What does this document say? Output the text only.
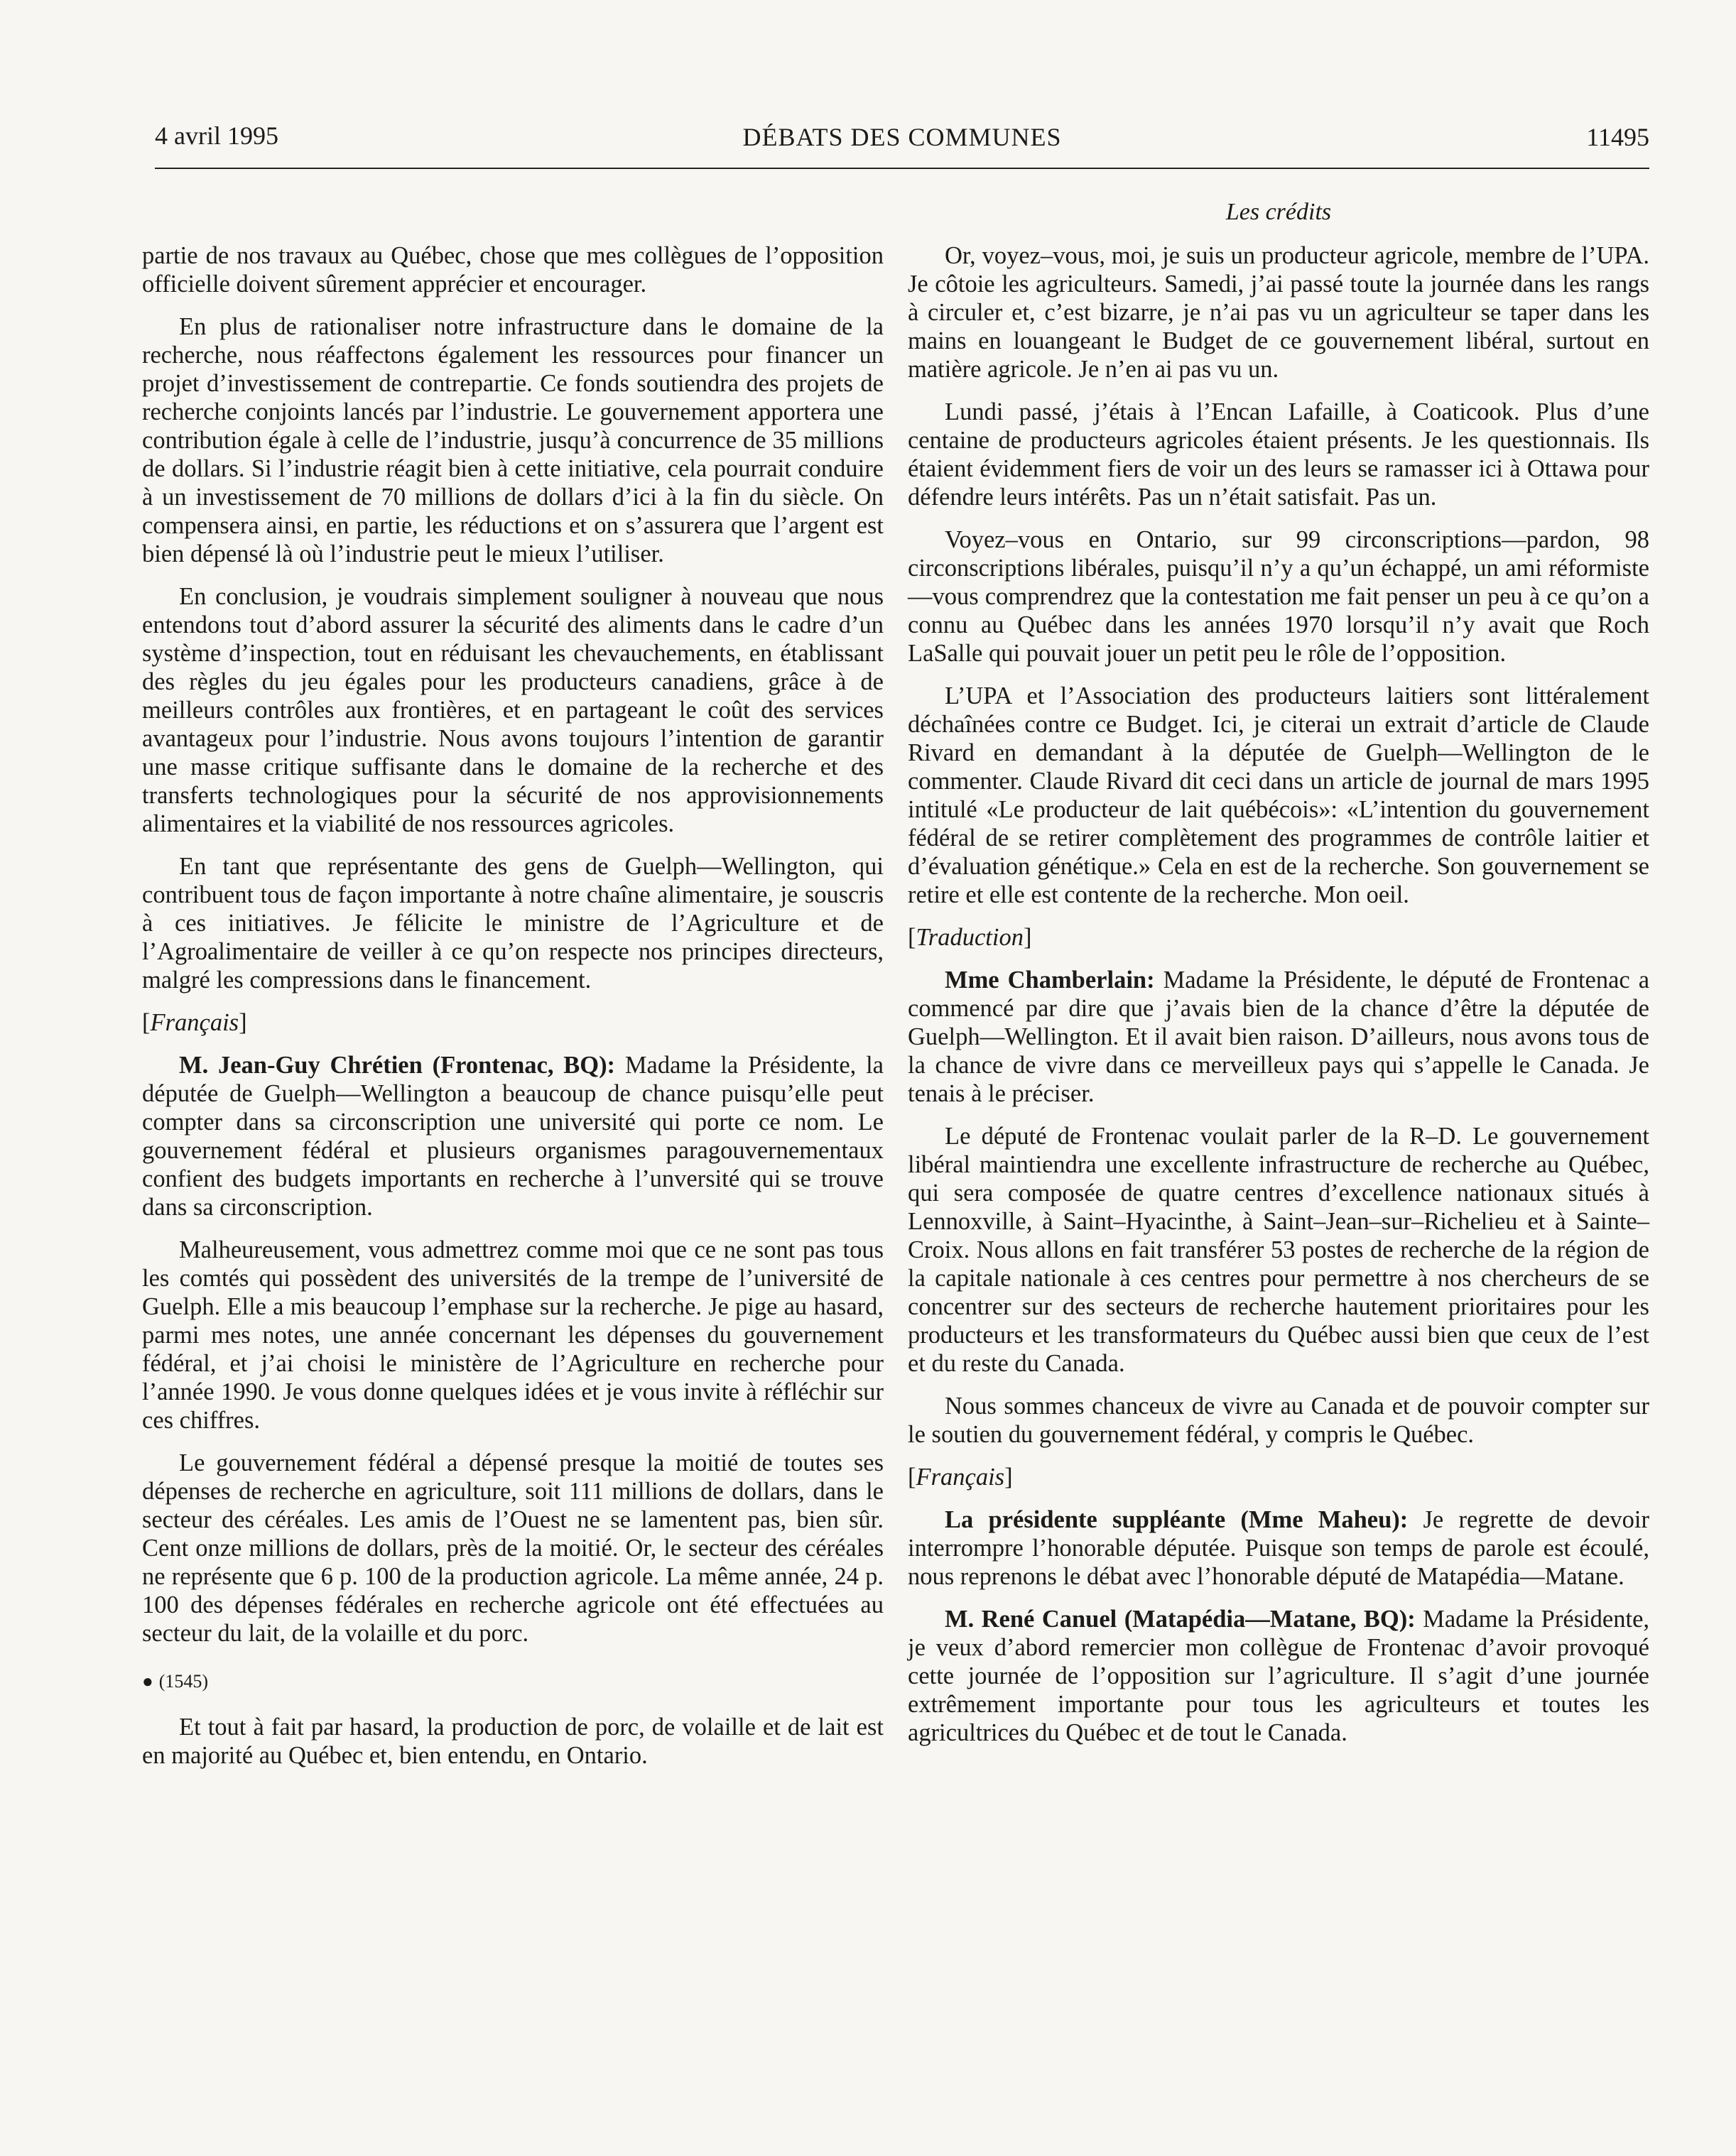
4 avril 1995	DÉBATS DES COMMUNES	11495
Les crédits

partie de nos travaux au Québec, chose que mes collègues de l’opposition officielle doivent sûrement apprécier et encourager.

En plus de rationaliser notre infrastructure dans le domaine de la recherche, nous réaffectons également les ressources pour financer un projet d’investissement de contrepartie. Ce fonds soutiendra des projets de recherche conjoints lancés par l’industrie. Le gouvernement apportera une contribution égale à celle de l’industrie, jusqu’à concurrence de 35 millions de dollars. Si l’industrie réagit bien à cette initiative, cela pourrait conduire à un investissement de 70 millions de dollars d’ici à la fin du siècle. On compensera ainsi, en partie, les réductions et on s’assurera que l’argent est bien dépensé là où l’industrie peut le mieux l’utiliser.

En conclusion, je voudrais simplement souligner à nouveau que nous entendons tout d’abord assurer la sécurité des aliments dans le cadre d’un système d’inspection, tout en réduisant les chevauchements, en établissant des règles du jeu égales pour les producteurs canadiens, grâce à de meilleurs contrôles aux frontières, et en partageant le coût des services avantageux pour l’industrie. Nous avons toujours l’intention de garantir une masse critique suffisante dans le domaine de la recherche et des transferts technologiques pour la sécurité de nos approvisionnements alimentaires et la viabilité de nos ressources agricoles.

En tant que représentante des gens de Guelph—Wellington, qui contribuent tous de façon importante à notre chaîne alimentaire, je souscris à ces initiatives. Je félicite le ministre de l’Agriculture et de l’Agroalimentaire de veiller à ce qu’on respecte nos principes directeurs, malgré les compressions dans le financement.

[Français]

M. Jean-Guy Chrétien (Frontenac, BQ): Madame la Présidente, la députée de Guelph—Wellington a beaucoup de chance puisqu’elle peut compter dans sa circonscription une université qui porte ce nom. Le gouvernement fédéral et plusieurs organismes paragouvernementaux confient des budgets importants en recherche à l’unversité qui se trouve dans sa circonscription.

Malheureusement, vous admettrez comme moi que ce ne sont pas tous les comtés qui possèdent des universités de la trempe de l’université de Guelph. Elle a mis beaucoup l’emphase sur la recherche. Je pige au hasard, parmi mes notes, une année concernant les dépenses du gouvernement fédéral, et j’ai choisi le ministère de l’Agriculture en recherche pour l’année 1990. Je vous donne quelques idées et je vous invite à réfléchir sur ces chiffres.

Le gouvernement fédéral a dépensé presque la moitié de toutes ses dépenses de recherche en agriculture, soit 111 millions de dollars, dans le secteur des céréales. Les amis de l’Ouest ne se lamentent pas, bien sûr. Cent onze millions de dollars, près de la moitié. Or, le secteur des céréales ne représente que 6 p. 100 de la production agricole. La même année, 24 p. 100 des dépenses fédérales en recherche agricole ont été effectuées au secteur du lait, de la volaille et du porc.

● (1545)

Et tout à fait par hasard, la production de porc, de volaille et de lait est en majorité au Québec et, bien entendu, en Ontario.

Or, voyez–vous, moi, je suis un producteur agricole, membre de l’UPA. Je côtoie les agriculteurs. Samedi, j’ai passé toute la journée dans les rangs à circuler et, c’est bizarre, je n’ai pas vu un agriculteur se taper dans les mains en louangeant le Budget de ce gouvernement libéral, surtout en matière agricole. Je n’en ai pas vu un.

Lundi passé, j’étais à l’Encan Lafaille, à Coaticook. Plus d’une centaine de producteurs agricoles étaient présents. Je les questionnais. Ils étaient évidemment fiers de voir un des leurs se ramasser ici à Ottawa pour défendre leurs intérêts. Pas un n’était satisfait. Pas un.

Voyez–vous en Ontario, sur 99 circonscriptions—pardon, 98 circonscriptions libérales, puisqu’il n’y a qu’un échappé, un ami réformiste—vous comprendrez que la contestation me fait penser un peu à ce qu’on a connu au Québec dans les années 1970 lorsqu’il n’y avait que Roch LaSalle qui pouvait jouer un petit peu le rôle de l’opposition.

L’UPA et l’Association des producteurs laitiers sont littéralement déchaînées contre ce Budget. Ici, je citerai un extrait d’article de Claude Rivard en demandant à la députée de Guelph—Wellington de le commenter. Claude Rivard dit ceci dans un article de journal de mars 1995 intitulé «Le producteur de lait québécois»: «L’intention du gouvernement fédéral de se retirer complètement des programmes de contrôle laitier et d’évaluation génétique.» Cela en est de la recherche. Son gouvernement se retire et elle est contente de la recherche. Mon oeil.

[Traduction]

Mme Chamberlain: Madame la Présidente, le député de Frontenac a commencé par dire que j’avais bien de la chance d’être la députée de Guelph—Wellington. Et il avait bien raison. D’ailleurs, nous avons tous de la chance de vivre dans ce merveilleux pays qui s’appelle le Canada. Je tenais à le préciser.

Le député de Frontenac voulait parler de la R–D. Le gouvernement libéral maintiendra une excellente infrastructure de recherche au Québec, qui sera composée de quatre centres d’excellence nationaux situés à Lennoxville, à Saint–Hyacinthe, à Saint–Jean–sur–Richelieu et à Sainte–Croix. Nous allons en fait transférer 53 postes de recherche de la région de la capitale nationale à ces centres pour permettre à nos chercheurs de se concentrer sur des secteurs de recherche hautement prioritaires pour les producteurs et les transformateurs du Québec aussi bien que ceux de l’est et du reste du Canada.

Nous sommes chanceux de vivre au Canada et de pouvoir compter sur le soutien du gouvernement fédéral, y compris le Québec.

[Français]

La présidente suppléante (Mme Maheu): Je regrette de devoir interrompre l’honorable députée. Puisque son temps de parole est écoulé, nous reprenons le débat avec l’honorable député de Matapédia—Matane.

M. René Canuel (Matapédia—Matane, BQ): Madame la Présidente, je veux d’abord remercier mon collègue de Frontenac d’avoir provoqué cette journée de l’opposition sur l’agriculture. Il s’agit d’une journée extrêmement importante pour tous les agriculteurs et toutes les agricultrices du Québec et de tout le Canada.
